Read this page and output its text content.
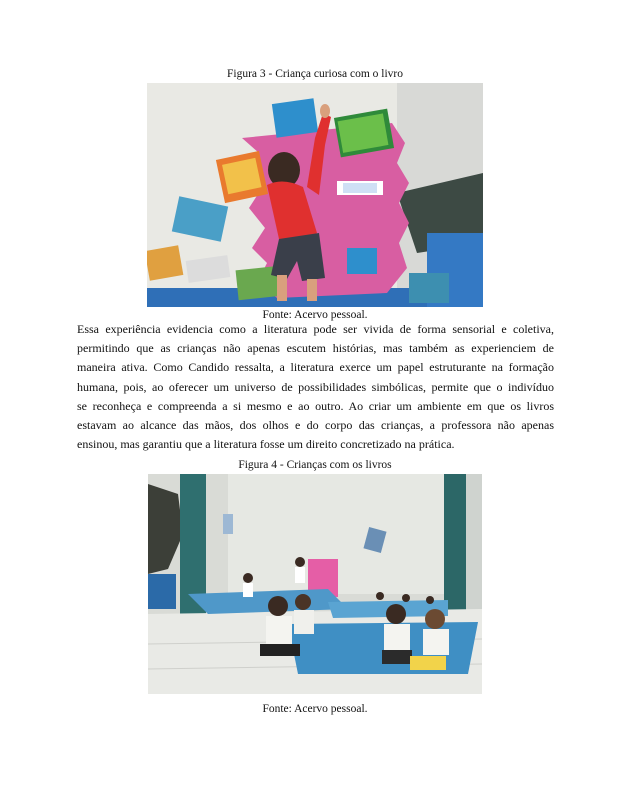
Figura 3 - Criança curiosa com o livro
Fonte: Acervo pessoal.
Essa experiência evidencia como a literatura pode ser vivida de forma sensorial e coletiva,
permitindo que as crianças não apenas escutem histórias, mas também as experienciem de
maneira ativa. Como Candido ressalta, a literatura exerce um papel estruturante na formação
humana, pois, ao oferecer um universo de possibilidades simbólicas, permite que o indivíduo
se reconheça e compreenda a si mesmo e ao outro. Ao criar um ambiente em que os livros
estavam ao alcance das mãos, dos olhos e do corpo das crianças, a professora não apenas
ensinou, mas garantiu que a literatura fosse um direito concretizado na prática.
Figura 4 - Crianças com os livros
Fonte: Acervo pessoal.
